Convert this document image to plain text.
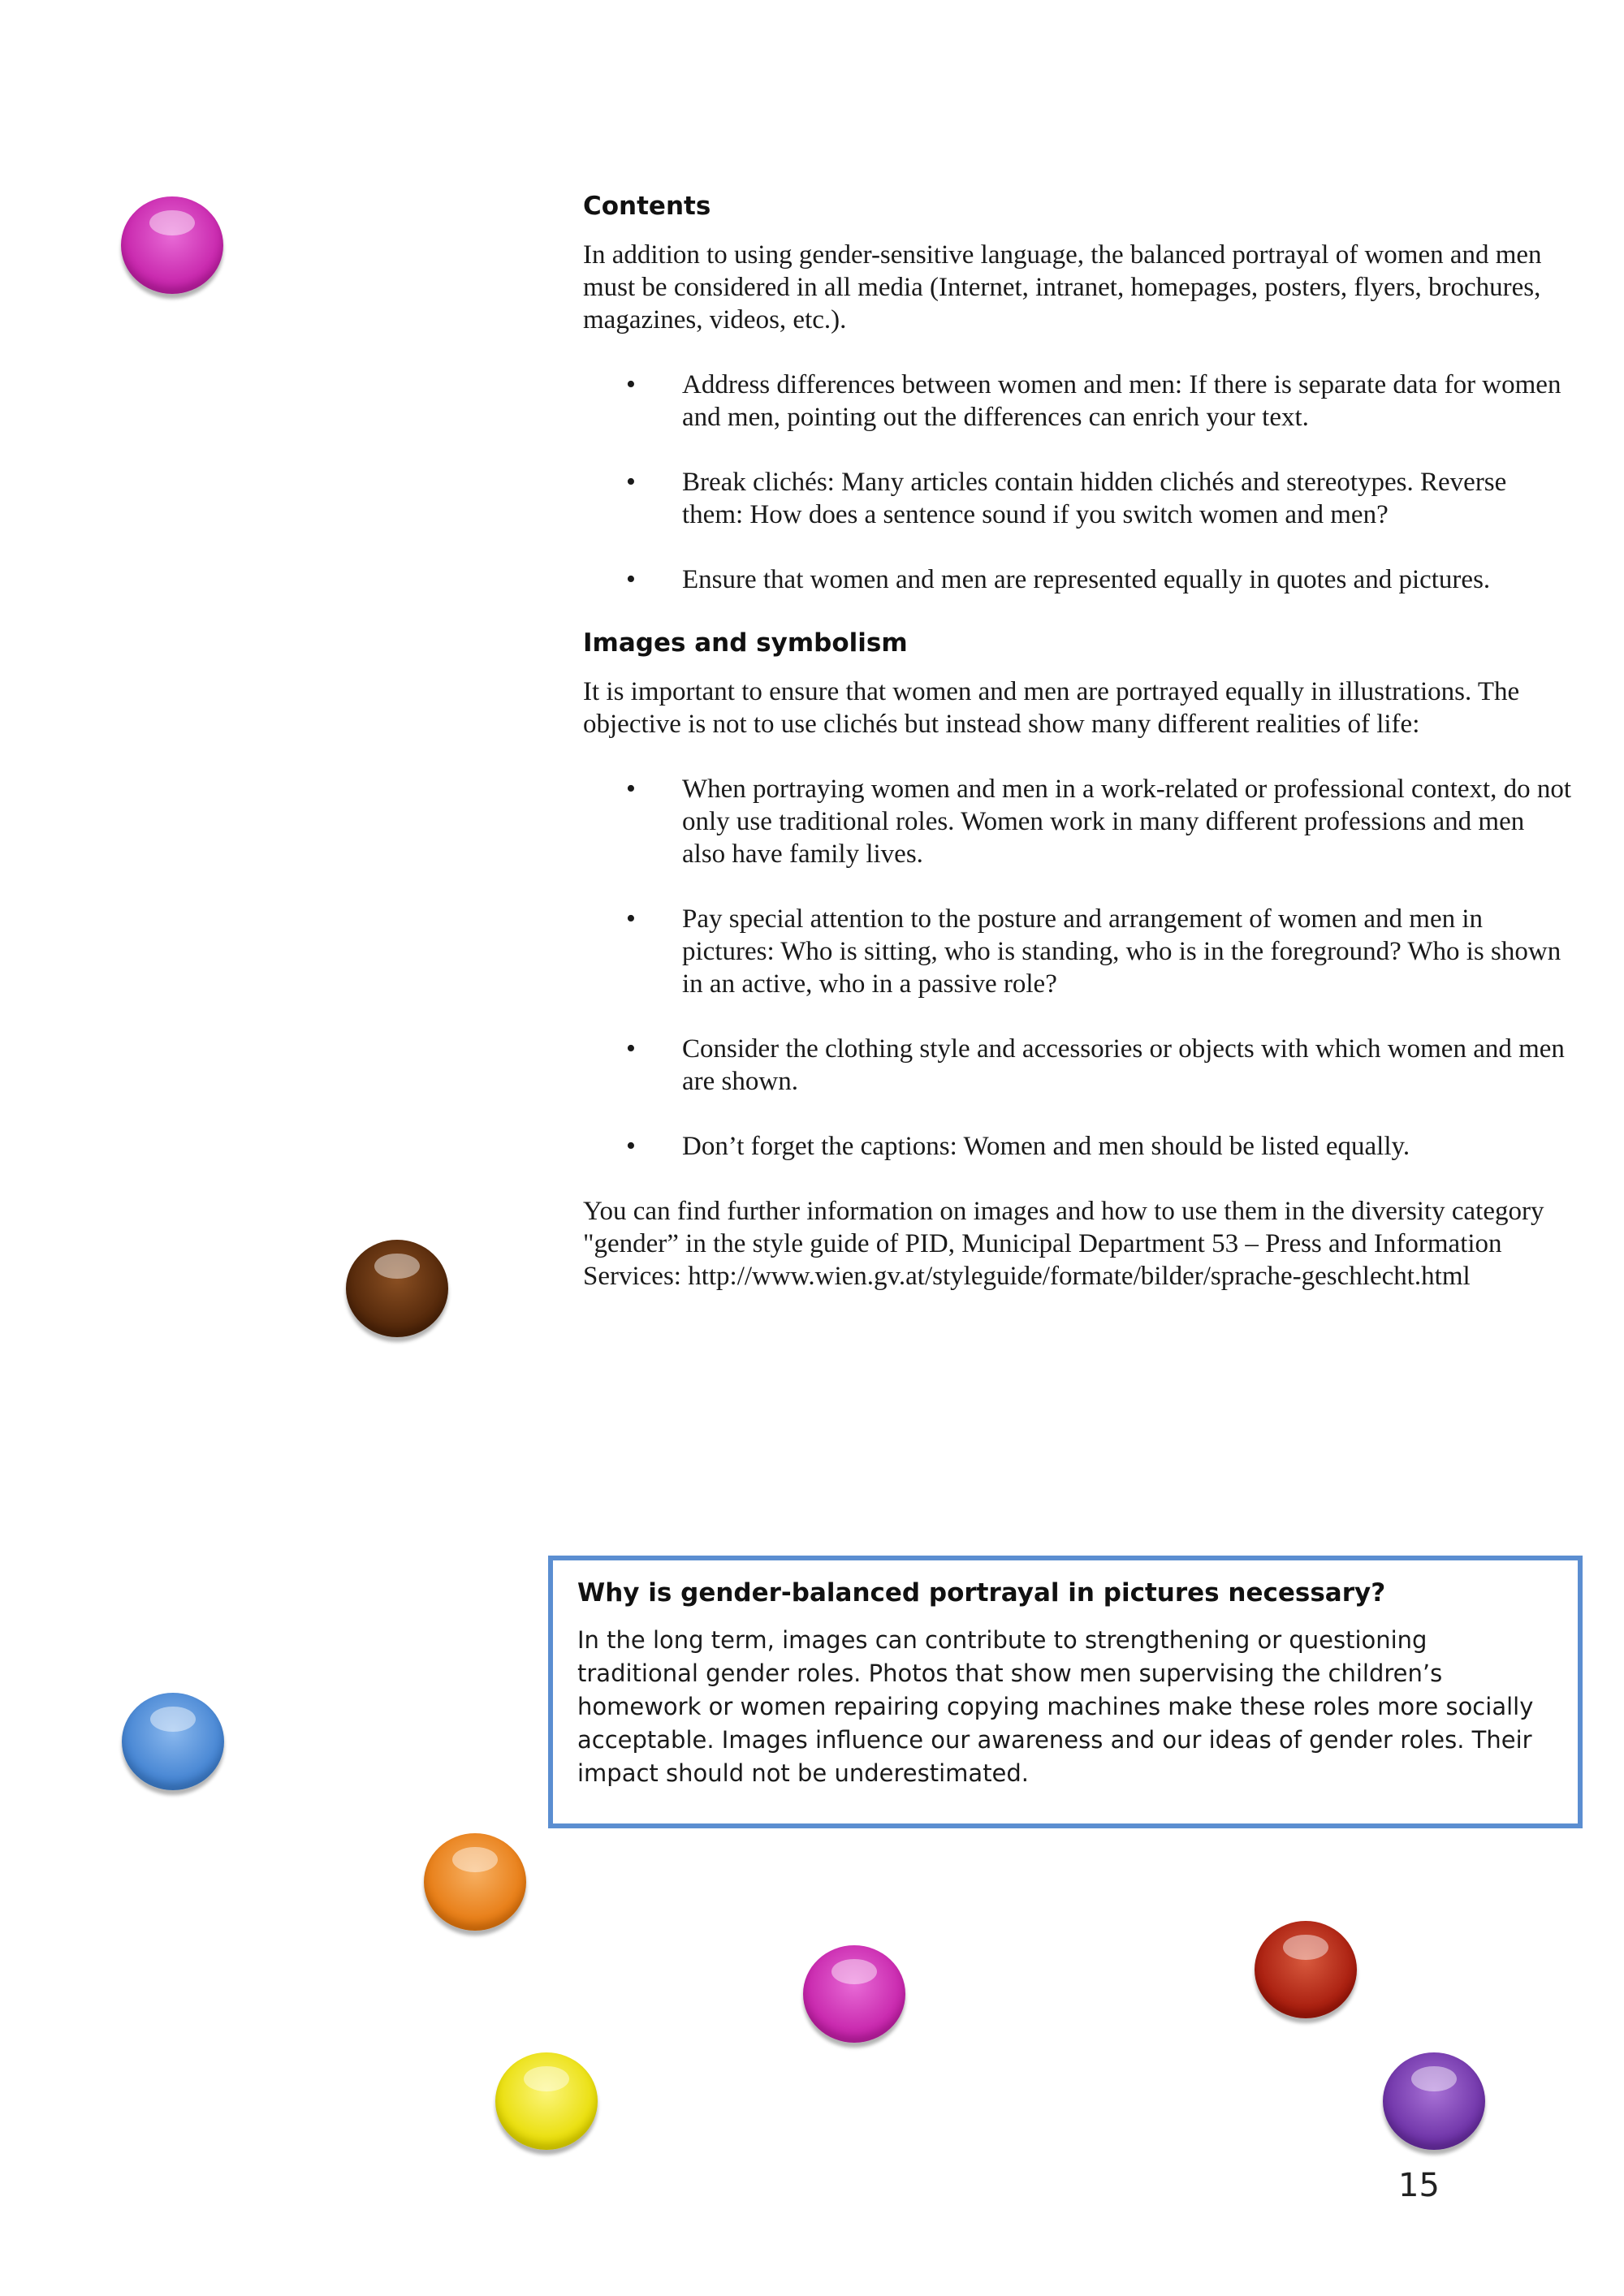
Contents

In addition to using gender-sensitive language, the balanced portrayal of women and men must be considered in all media (Internet, intranet, homepages, posters, flyers, brochures, magazines, videos, etc.).

• Address differences between women and men: If there is separate data for women and men, pointing out the differences can enrich your text.
• Break clichés: Many articles contain hidden clichés and stereotypes. Reverse them: How does a sentence sound if you switch women and men?
• Ensure that women and men are represented equally in quotes and pictures.
Images and symbolism

It is important to ensure that women and men are portrayed equally in illustrations. The objective is not to use clichés but instead show many different realities of life:

• When portraying women and men in a work-related or professional context, do not only use traditional roles. Women work in many different professions and men also have family lives.
• Pay special attention to the posture and arrangement of women and men in pictures: Who is sitting, who is standing, who is in the foreground? Who is shown in an active, who in a passive role?
• Consider the clothing style and accessories or objects with which women and men are shown.
• Don’t forget the captions: Women and men should be listed equally.

You can find further information on images and how to use them in the diversity category "gender” in the style guide of PID, Municipal Department 53 – Press and Information Services: http://www.wien.gv.at/styleguide/formate/bilder/sprache-geschlecht.html

Why is gender-balanced portrayal in pictures necessary?

In the long term, images can contribute to strengthening or questioning traditional gender roles. Photos that show men supervising the children’s homework or women repairing copying machines make these roles more socially acceptable. Images influence our awareness and our ideas of gender roles. Their impact should not be underestimated.

15
